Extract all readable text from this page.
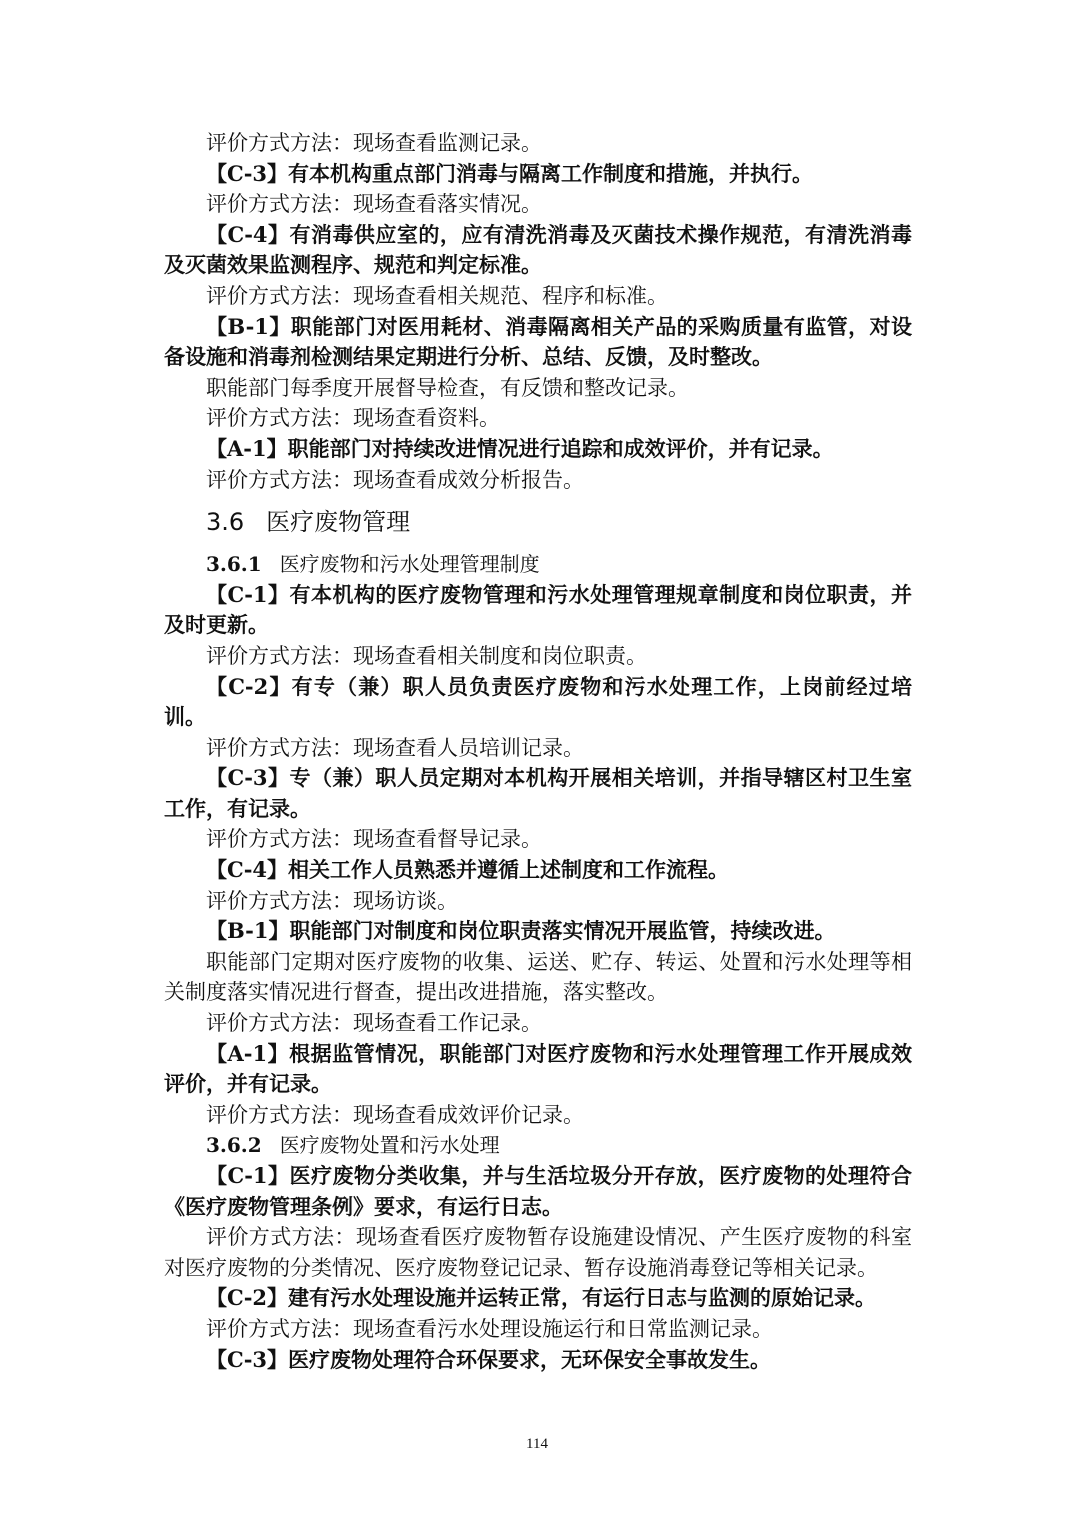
评价方式方法：现场查看监测记录。

【C-3】有本机构重点部门消毒与隔离工作制度和措施，并执行。

评价方式方法：现场查看落实情况。

【C-4】有消毒供应室的，应有清洗消毒及灭菌技术操作规范，有清洗消毒及灭菌效果监测程序、规范和判定标准。

评价方式方法：现场查看相关规范、程序和标准。

【B-1】职能部门对医用耗材、消毒隔离相关产品的采购质量有监管，对设备设施和消毒剂检测结果定期进行分析、总结、反馈，及时整改。

职能部门每季度开展督导检查，有反馈和整改记录。

评价方式方法：现场查看资料。

【A-1】职能部门对持续改进情况进行追踪和成效评价，并有记录。

评价方式方法：现场查看成效分析报告。

3.6 医疗废物管理

3.6.1 医疗废物和污水处理管理制度

【C-1】有本机构的医疗废物管理和污水处理管理规章制度和岗位职责，并及时更新。

评价方式方法：现场查看相关制度和岗位职责。

【C-2】有专（兼）职人员负责医疗废物和污水处理工作，上岗前经过培训。

评价方式方法：现场查看人员培训记录。

【C-3】专（兼）职人员定期对本机构开展相关培训，并指导辖区村卫生室工作，有记录。

评价方式方法：现场查看督导记录。

【C-4】相关工作人员熟悉并遵循上述制度和工作流程。

评价方式方法：现场访谈。

【B-1】职能部门对制度和岗位职责落实情况开展监管，持续改进。

职能部门定期对医疗废物的收集、运送、贮存、转运、处置和污水处理等相关制度落实情况进行督查，提出改进措施，落实整改。

评价方式方法：现场查看工作记录。

【A-1】根据监管情况，职能部门对医疗废物和污水处理管理工作开展成效评价，并有记录。

评价方式方法：现场查看成效评价记录。

3.6.2 医疗废物处置和污水处理

【C-1】医疗废物分类收集，并与生活垃圾分开存放，医疗废物的处理符合《医疗废物管理条例》要求，有运行日志。

评价方式方法：现场查看医疗废物暂存设施建设情况、产生医疗废物的科室对医疗废物的分类情况、医疗废物登记记录、暂存设施消毒登记等相关记录。

【C-2】建有污水处理设施并运转正常，有运行日志与监测的原始记录。

评价方式方法：现场查看污水处理设施运行和日常监测记录。

【C-3】医疗废物处理符合环保要求，无环保安全事故发生。

114
